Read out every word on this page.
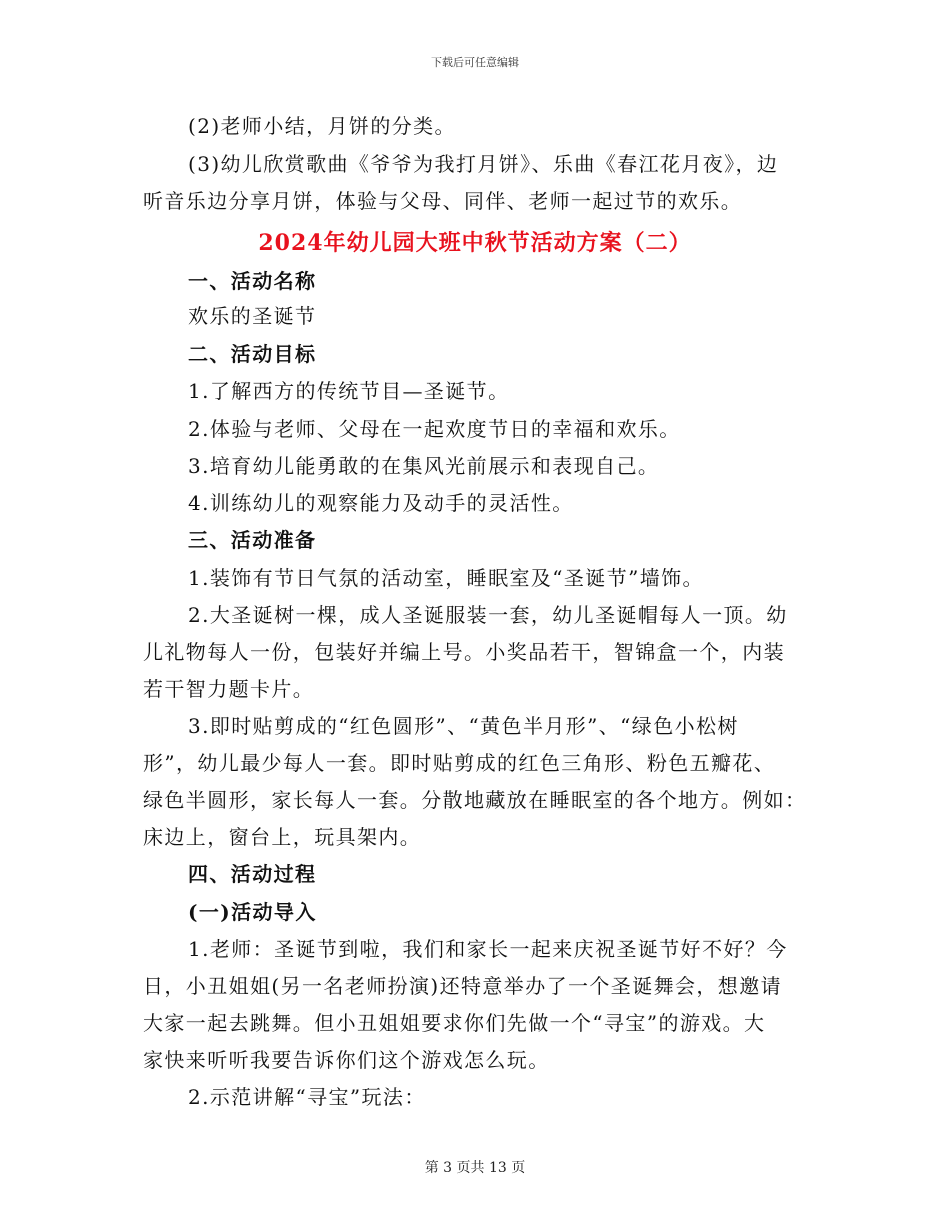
下载后可任意编辑
(2)老师小结，月饼的分类。
(3)幼儿欣赏歌曲《爷爷为我打月饼》、乐曲《春江花月夜》，边
听音乐边分享月饼，体验与父母、同伴、老师一起过节的欢乐。
2024年幼儿园大班中秋节活动方案（二）
一、活动名称
欢乐的圣诞节
二、活动目标
1.了解西方的传统节目—圣诞节。
2.体验与老师、父母在一起欢度节日的幸福和欢乐。
3.培育幼儿能勇敢的在集风光前展示和表现自己。
4.训练幼儿的观察能力及动手的灵活性。
三、活动准备
1.装饰有节日气氛的活动室，睡眠室及“圣诞节”墙饰。
2.大圣诞树一棵，成人圣诞服装一套，幼儿圣诞帽每人一顶。幼
儿礼物每人一份，包装好并编上号。小奖品若干，智锦盒一个，内装
若干智力题卡片。
3.即时贴剪成的“红色圆形”、“黄色半月形”、“绿色小松树
形”，幼儿最少每人一套。即时贴剪成的红色三角形、粉色五瓣花、
绿色半圆形，家长每人一套。分散地藏放在睡眠室的各个地方。例如：
床边上，窗台上，玩具架内。
四、活动过程
(一)活动导入
1.老师：圣诞节到啦，我们和家长一起来庆祝圣诞节好不好？今
日，小丑姐姐(另一名老师扮演)还特意举办了一个圣诞舞会，想邀请
大家一起去跳舞。但小丑姐姐要求你们先做一个“寻宝”的游戏。大
家快来听听我要告诉你们这个游戏怎么玩。
2.示范讲解“寻宝”玩法：
第 3 页共 13 页
